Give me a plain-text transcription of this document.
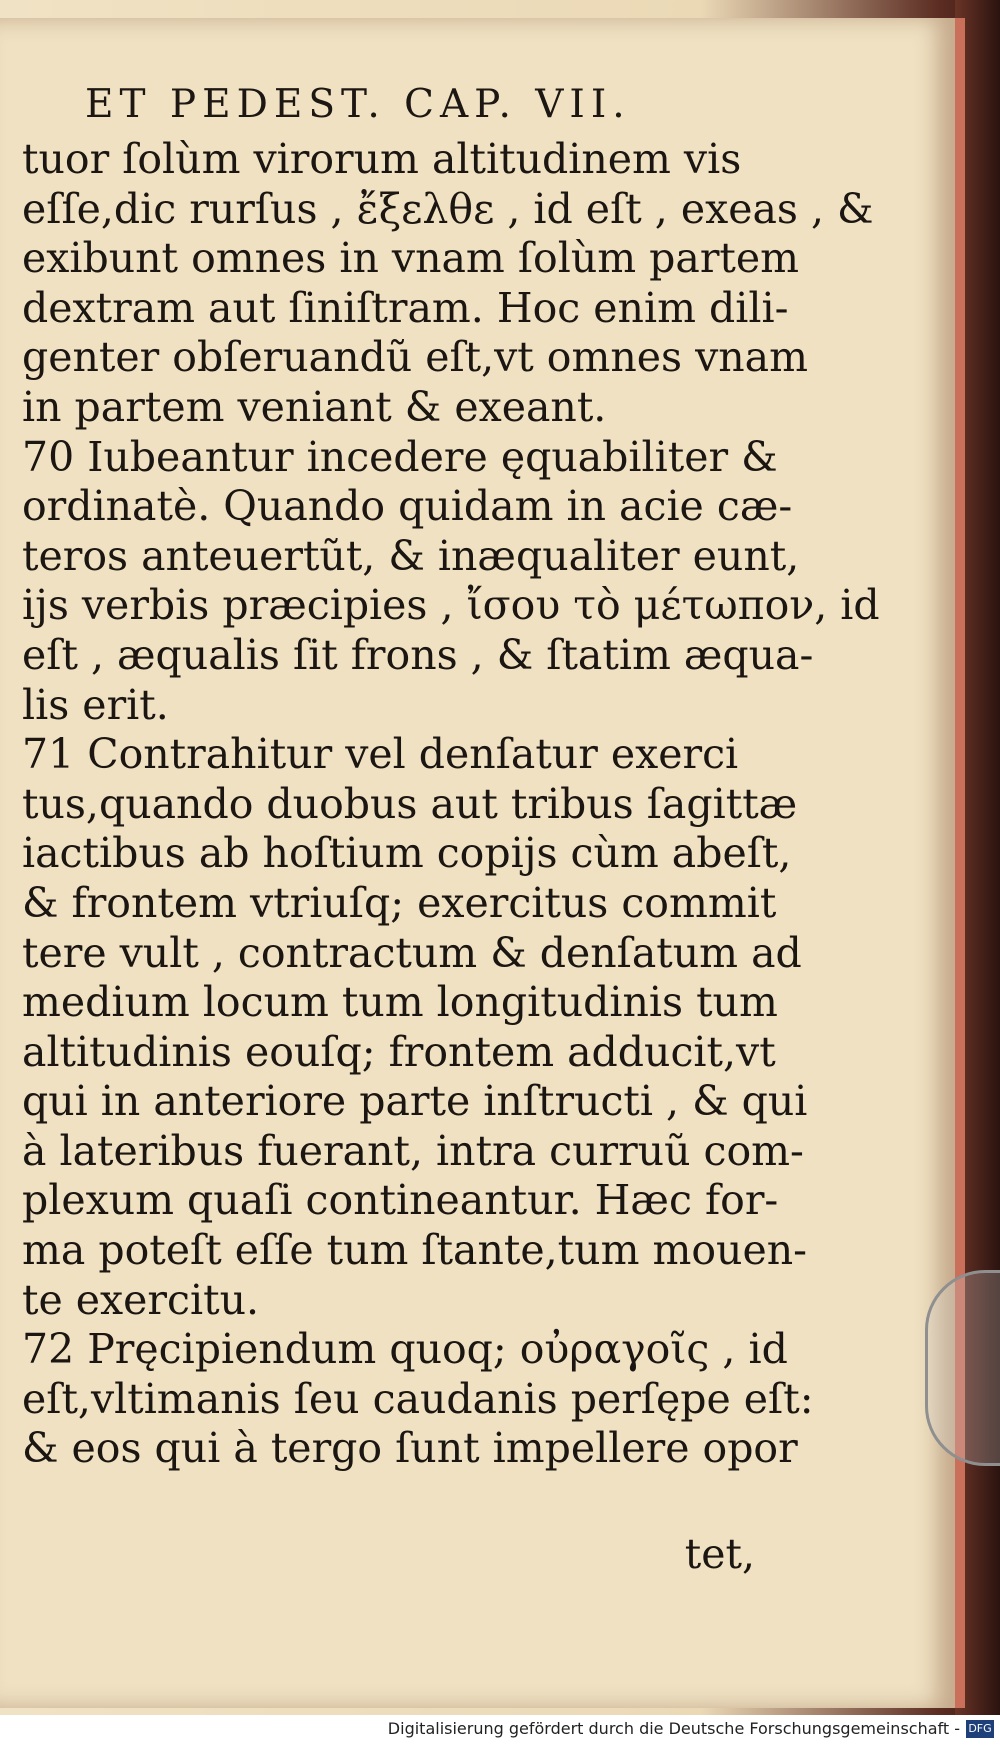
ET PEDEST. CAP. VII.
tuor ſolùm virorum altitudinem vis
eſſe,dic rurſus , ἔξελθε , id eſt , exeas , &
exibunt omnes in vnam ſolùm partem
dextram aut ſiniſtram. Hoc enim dili-
genter obſeruandũ eſt,vt omnes vnam
in partem veniant & exeant.
70 Iubeantur incedere ęquabiliter &
ordinatè. Quando quidam in acie cæ-
teros anteuertũt, & inæqualiter eunt,
ijs verbis præcipies , ἴσου τὸ μέτωπον, id
eſt , æqualis ſit frons , & ſtatim æqua-
lis erit.
71 Contrahitur vel denſatur exerci
tus,quando duobus aut tribus ſagittæ
iactibus ab hoſtium copijs cùm abeſt,
& frontem vtriuſq; exercitus commit
tere vult , contractum & denſatum ad
medium locum tum longitudinis tum
altitudinis eouſq; frontem adducit,vt
qui in anteriore parte inſtructi , & qui
à lateribus fuerant, intra curruũ com-
plexum quaſi contineantur. Hæc for-
ma poteſt eſſe tum ſtante,tum mouen-
te exercitu.
72 Pręcipiendum quoq; οὐραγοῖς , id
eſt,vltimanis ſeu caudanis perſępe eſt:
& eos qui à tergo ſunt impellere opor
tet,
Digitalisierung gefördert durch die Deutsche Forschungsgemeinschaft - DFG
